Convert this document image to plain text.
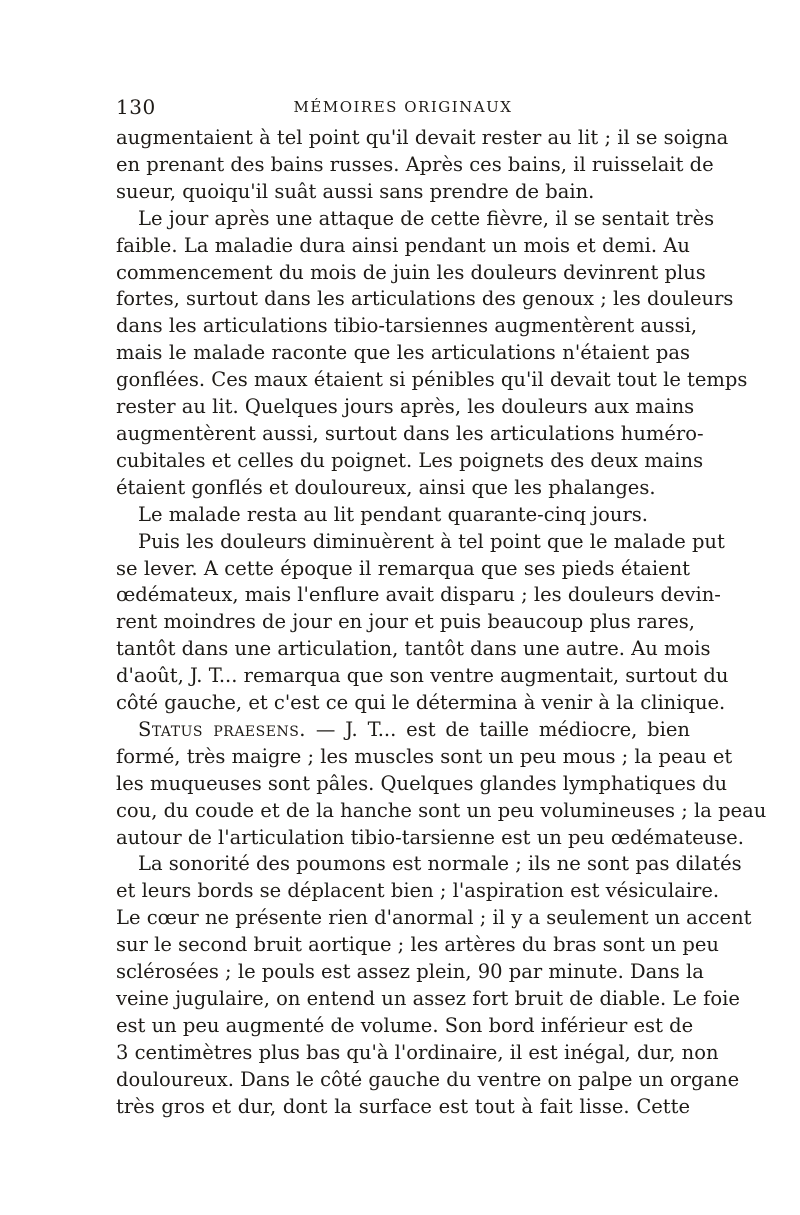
130	MÉMOIRES ORIGINAUX

augmentaient à tel point qu'il devait rester au lit ; il se soigna

en prenant des bains russes. Après ces bains, il ruisselait de

sueur, quoiqu'il suât aussi sans prendre de bain.

Le jour après une attaque de cette fièvre, il se sentait très

faible. La maladie dura ainsi pendant un mois et demi. Au

commencement du mois de juin les douleurs devinrent plus

fortes, surtout dans les articulations des genoux ; les douleurs

dans les articulations tibio-tarsiennes augmentèrent aussi,

mais le malade raconte que les articulations n'étaient pas

gonflées. Ces maux étaient si pénibles qu'il devait tout le temps

rester au lit. Quelques jours après, les douleurs aux mains

augmentèrent aussi, surtout dans les articulations huméro-

cubitales et celles du poignet. Les poignets des deux mains

étaient gonflés et douloureux, ainsi que les phalanges.

Le malade resta au lit pendant quarante-cinq jours.

Puis les douleurs diminuèrent à tel point que le malade put

se lever. A cette époque il remarqua que ses pieds étaient

œdémateux, mais l'enflure avait disparu ; les douleurs devin-

rent moindres de jour en jour et puis beaucoup plus rares,

tantôt dans une articulation, tantôt dans une autre. Au mois

d'août, J. T... remarqua que son ventre augmentait, surtout du

côté gauche, et c'est ce qui le détermina à venir à la clinique.

Status praesens. — J. T... est de taille médiocre, bien

formé, très maigre ; les muscles sont un peu mous ; la peau et

les muqueuses sont pâles. Quelques glandes lymphatiques du

cou, du coude et de la hanche sont un peu volumineuses ; la peau

autour de l'articulation tibio-tarsienne est un peu œdémateuse.

La sonorité des poumons est normale ; ils ne sont pas dilatés

et leurs bords se déplacent bien ; l'aspiration est vésiculaire.

Le cœur ne présente rien d'anormal ; il y a seulement un accent

sur le second bruit aortique ; les artères du bras sont un peu

sclérosées ; le pouls est assez plein, 90 par minute. Dans la

veine jugulaire, on entend un assez fort bruit de diable. Le foie

est un peu augmenté de volume. Son bord inférieur est de

3 centimètres plus bas qu'à l'ordinaire, il est inégal, dur, non

douloureux. Dans le côté gauche du ventre on palpe un organe

très gros et dur, dont la surface est tout à fait lisse. Cette
